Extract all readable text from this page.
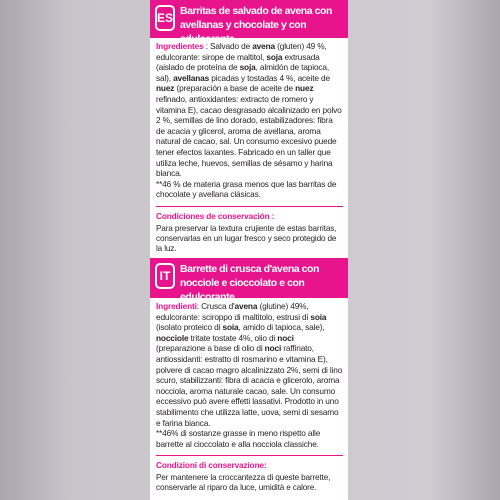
ES Barritas de salvado de avena con avellanas y chocolate y con edulcorante
Ingredientes : Salvado de avena (gluten) 49 %, edulcorante: sirope de maltitol, soja extrusada (aislado de proteína de soja, almidón de tapioca, sal), avellanas picadas y tostadas 4 %, aceite de nuez (preparación a base de aceite de nuez refinado, antioxidantes: extracto de romero y vitamina E), cacao desgrasado alcalinizado en polvo 2 %, semillas de lino dorado, estabilizadores: fibra de acacia y glicerol, aroma de avellana, aroma natural de cacao, sal. Un consumo excesivo puede tener efectos laxantes. Fabricado en un taller que utiliza leche, huevos, semillas de sésamo y harina blanca.
**46 % de materia grasa menos que las barritas de chocolate y avellana clásicas.
Condiciones de conservación :
Para preservar la textura crujiente de estas barritas, conservarlas en un lugar fresco y seco protegido de la luz.
IT Barrette di crusca d'avena con nocciole e cioccolato e con edulcorante
Ingredienti: Crusca d'avena (glutine) 49%, edulcorante: sciroppo di maltitolo, estrusi di soia (isolato proteico di soia, amido di tapioca, sale), nocciole tritate tostate 4%, olio di noci (preparazione a base di olio di noci raffinato, antiossidanti: estratto di rosmarino e vitamina E), polvere di cacao magro alcalinizzato 2%, semi di lino scuro, stabilizzanti: fibra di acacia e glicerolo, aroma nocciola, aroma naturale cacao, sale. Un consumo eccessivo può avere effetti lassativi. Prodotto in uno stabilimento che utilizza latte, uova, semi di sesamo e farina bianca.
**46% di sostanze grasse in meno rispetto alle barrette al cioccolato e alla nocciola classiche.
Condizioni di conservazione:
Per mantenere la croccantezza di queste barrette, conservarle al riparo da luce, umidità e calore.
